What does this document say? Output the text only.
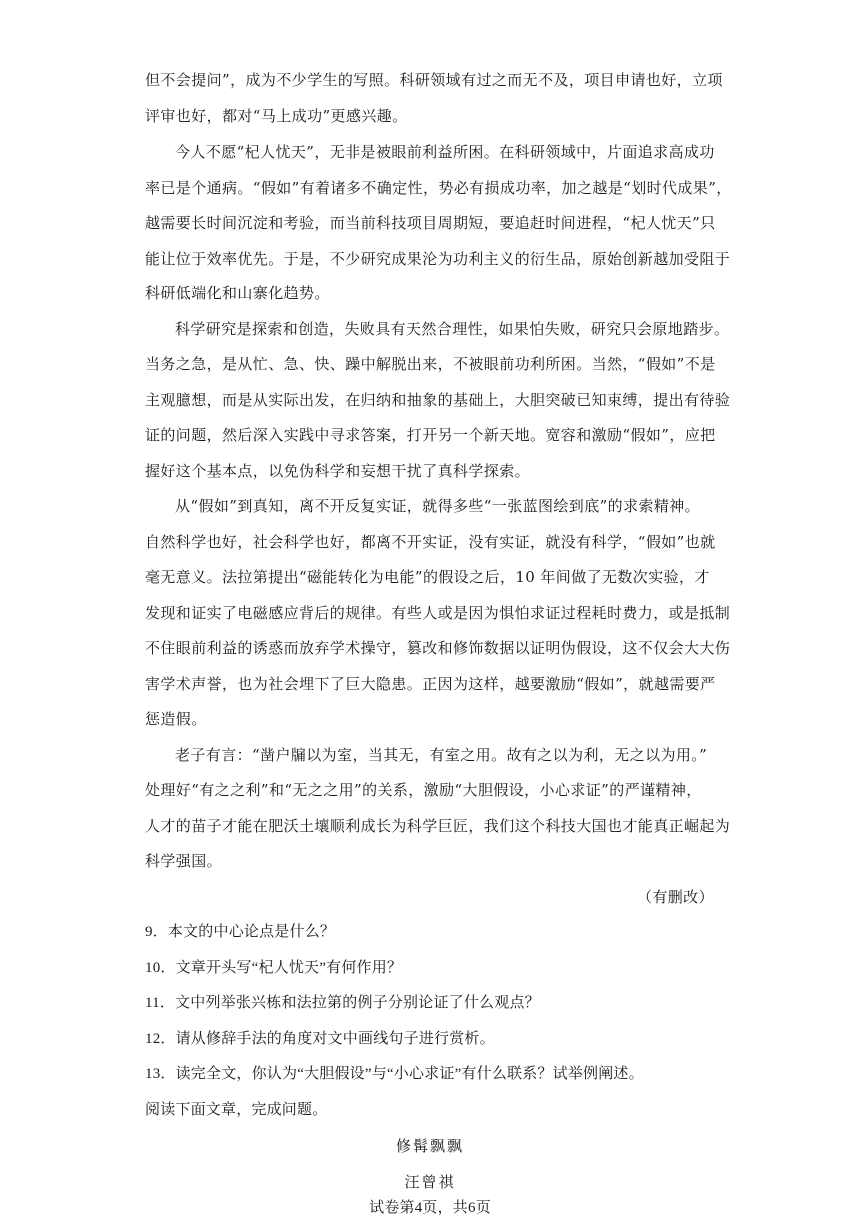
但不会提问”，成为不少学生的写照。科研领域有过之而无不及，项目申请也好，立项
评审也好，都对“马上成功”更感兴趣。
今人不愿“杞人忧天”，无非是被眼前利益所困。在科研领域中，片面追求高成功
率已是个通病。“假如”有着诸多不确定性，势必有损成功率，加之越是“划时代成果”，
越需要长时间沉淀和考验，而当前科技项目周期短，要追赶时间进程，“杞人忧天”只
能让位于效率优先。于是，不少研究成果沦为功利主义的衍生品，原始创新越加受阻于
科研低端化和山寨化趋势。
科学研究是探索和创造，失败具有天然合理性，如果怕失败，研究只会原地踏步。
当务之急，是从忙、急、快、躁中解脱出来，不被眼前功利所困。当然，“假如”不是
主观臆想，而是从实际出发，在归纳和抽象的基础上，大胆突破已知束缚，提出有待验
证的问题，然后深入实践中寻求答案，打开另一个新天地。宽容和激励“假如”，应把
握好这个基本点，以免伪科学和妄想干扰了真科学探索。
从“假如”到真知，离不开反复实证，就得多些“一张蓝图绘到底”的求索精神。
自然科学也好，社会科学也好，都离不开实证，没有实证，就没有科学，“假如”也就
毫无意义。法拉第提出“磁能转化为电能”的假设之后，10 年间做了无数次实验，才
发现和证实了电磁感应背后的规律。有些人或是因为惧怕求证过程耗时费力，或是抵制
不住眼前利益的诱惑而放弃学术操守，篡改和修饰数据以证明伪假设，这不仅会大大伤
害学术声誉，也为社会埋下了巨大隐患。正因为这样，越要激励“假如”，就越需要严
惩造假。
老子有言：“凿户牖以为室，当其无，有室之用。故有之以为利，无之以为用。”
处理好“有之之利”和“无之之用”的关系，激励“大胆假设，小心求证”的严谨精神，
人才的苗子才能在肥沃土壤顺利成长为科学巨匠，我们这个科技大国也才能真正崛起为
科学强国。
（有删改）
9．本文的中心论点是什么？
10．文章开头写“杞人忧天”有何作用？
11．文中列举张兴栋和法拉第的例子分别论证了什么观点？
12．请从修辞手法的角度对文中画线句子进行赏析。
13．读完全文，你认为“大胆假设”与“小心求证”有什么联系？试举例阐述。
阅读下面文章，完成问题。
修髯飘飘
汪曾祺
试卷第4页，共6页
